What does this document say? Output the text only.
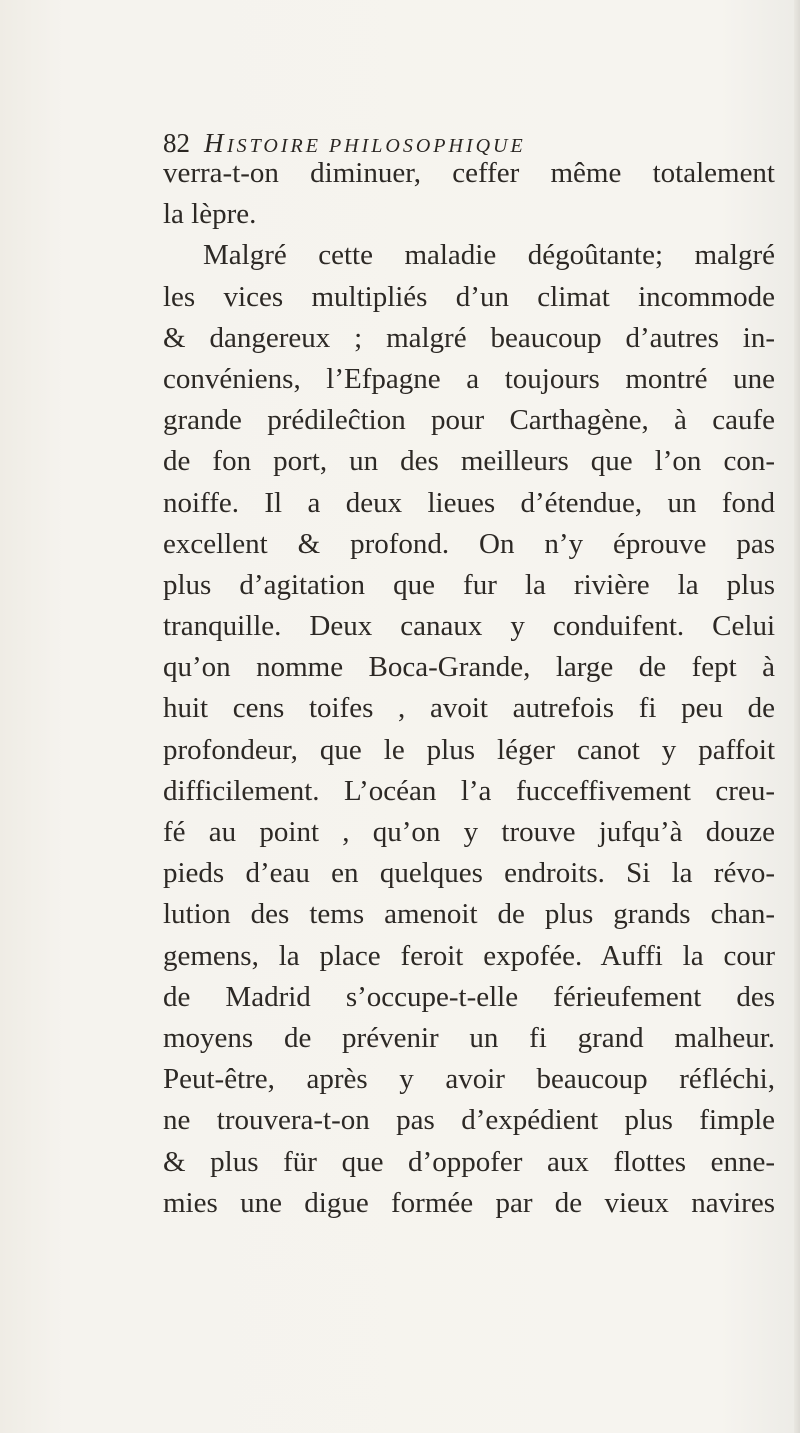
82 HISTOIRE PHILOSOPHIQUE
verra-t-on diminuer, ceffer même totalement
la lèpre.
Malgré cette maladie dégoûtante; malgré
les vices multipliés d’un climat incommode
& dangereux ; malgré beaucoup d’autres in-
convéniens, l’Efpagne a toujours montré une
grande prédileĉtion pour Carthagène, à caufe
de fon port, un des meilleurs que l’on con-
noiffe. Il a deux lieues d’étendue, un fond
excellent & profond. On n’y éprouve pas
plus d’agitation que fur la rivière la plus
tranquille. Deux canaux y conduifent. Celui
qu’on nomme Boca-Grande, large de fept à
huit cens toifes , avoit autrefois fi peu de
profondeur, que le plus léger canot y paffoit
difficilement. L’océan l’a fucceffivement creu-
fé au point , qu’on y trouve jufqu’à douze
pieds d’eau en quelques endroits. Si la révo-
lution des tems amenoit de plus grands chan-
gemens, la place feroit expofée. Auffi la cour
de Madrid s’occupe-t-elle férieufement des
moyens de prévenir un fi grand malheur.
Peut-être, après y avoir beaucoup réfléchi,
ne trouvera-t-on pas d’expédient plus fimple
& plus für que d’oppofer aux flottes enne-
mies une digue formée par de vieux navires
